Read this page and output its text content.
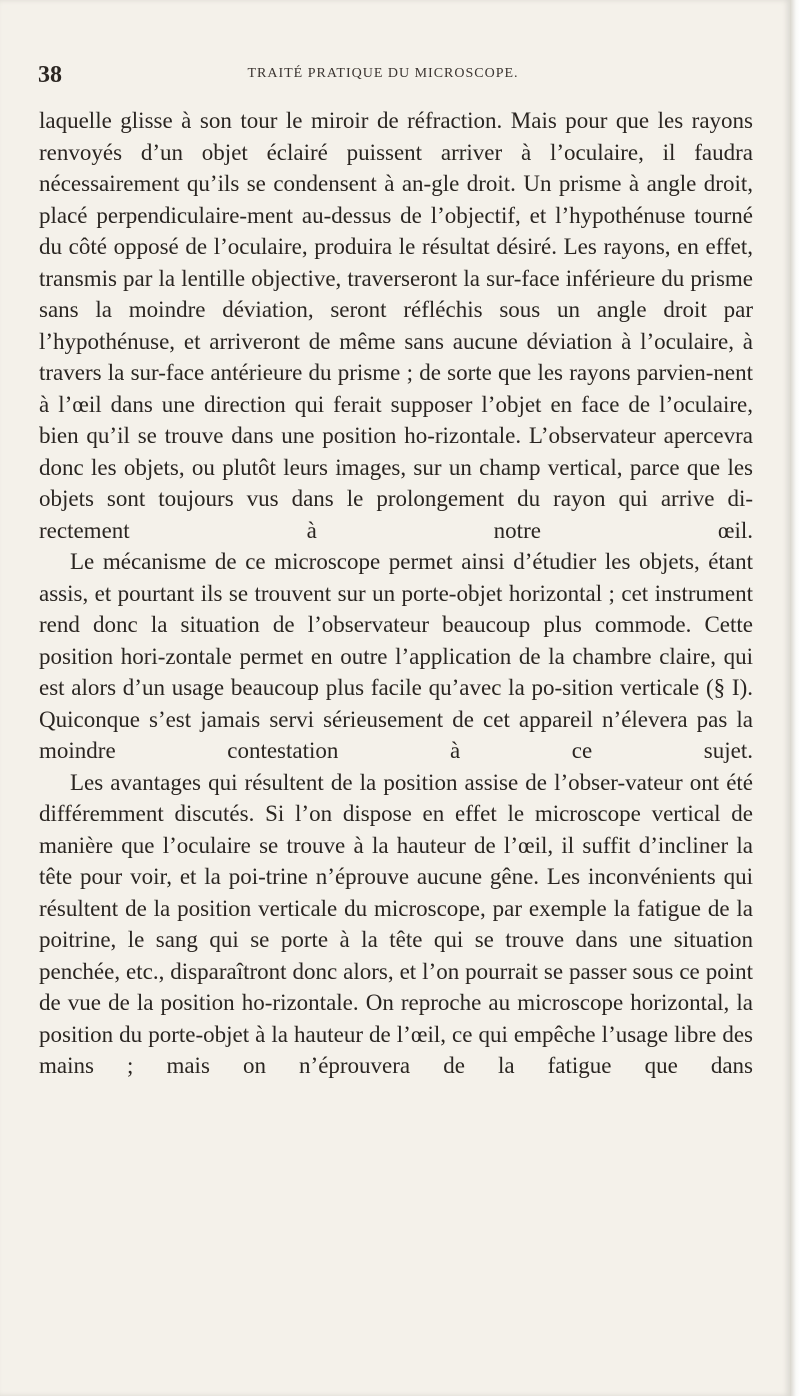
38	TRAITÉ PRATIQUE DU MICROSCOPE.

laquelle glisse à son tour le miroir de réfraction. Mais pour que les rayons renvoyés d’un objet éclairé puissent arriver à l’oculaire, il faudra nécessairement qu’ils se condensent à an-gle droit. Un prisme à angle droit, placé perpendiculaire-ment au-dessus de l’objectif, et l’hypothénuse tourné du côté opposé de l’oculaire, produira le résultat désiré. Les rayons, en effet, transmis par la lentille objective, traverseront la sur-face inférieure du prisme sans la moindre déviation, seront réfléchis sous un angle droit par l’hypothénuse, et arriveront de même sans aucune déviation à l’oculaire, à travers la sur-face antérieure du prisme ; de sorte que les rayons parvien-nent à l’œil dans une direction qui ferait supposer l’objet en face de l’oculaire, bien qu’il se trouve dans une position ho-rizontale. L’observateur apercevra donc les objets, ou plutôt leurs images, sur un champ vertical, parce que les objets sont toujours vus dans le prolongement du rayon qui arrive di-rectement à notre œil.

Le mécanisme de ce microscope permet ainsi d’étudier les objets, étant assis, et pourtant ils se trouvent sur un porte-objet horizontal ; cet instrument rend donc la situation de l’observateur beaucoup plus commode. Cette position hori-zontale permet en outre l’application de la chambre claire, qui est alors d’un usage beaucoup plus facile qu’avec la po-sition verticale (§ I). Quiconque s’est jamais servi sérieusement de cet appareil n’élevera pas la moindre contestation à ce sujet.

Les avantages qui résultent de la position assise de l’obser-vateur ont été différemment discutés. Si l’on dispose en effet le microscope vertical de manière que l’oculaire se trouve à la hauteur de l’œil, il suffit d’incliner la tête pour voir, et la poi-trine n’éprouve aucune gêne. Les inconvénients qui résultent de la position verticale du microscope, par exemple la fatigue de la poitrine, le sang qui se porte à la tête qui se trouve dans une situation penchée, etc., disparaîtront donc alors, et l’on pourrait se passer sous ce point de vue de la position ho-rizontale. On reproche au microscope horizontal, la position du porte-objet à la hauteur de l’œil, ce qui empêche l’usage libre des mains ; mais on n’éprouvera de la fatigue que dans
